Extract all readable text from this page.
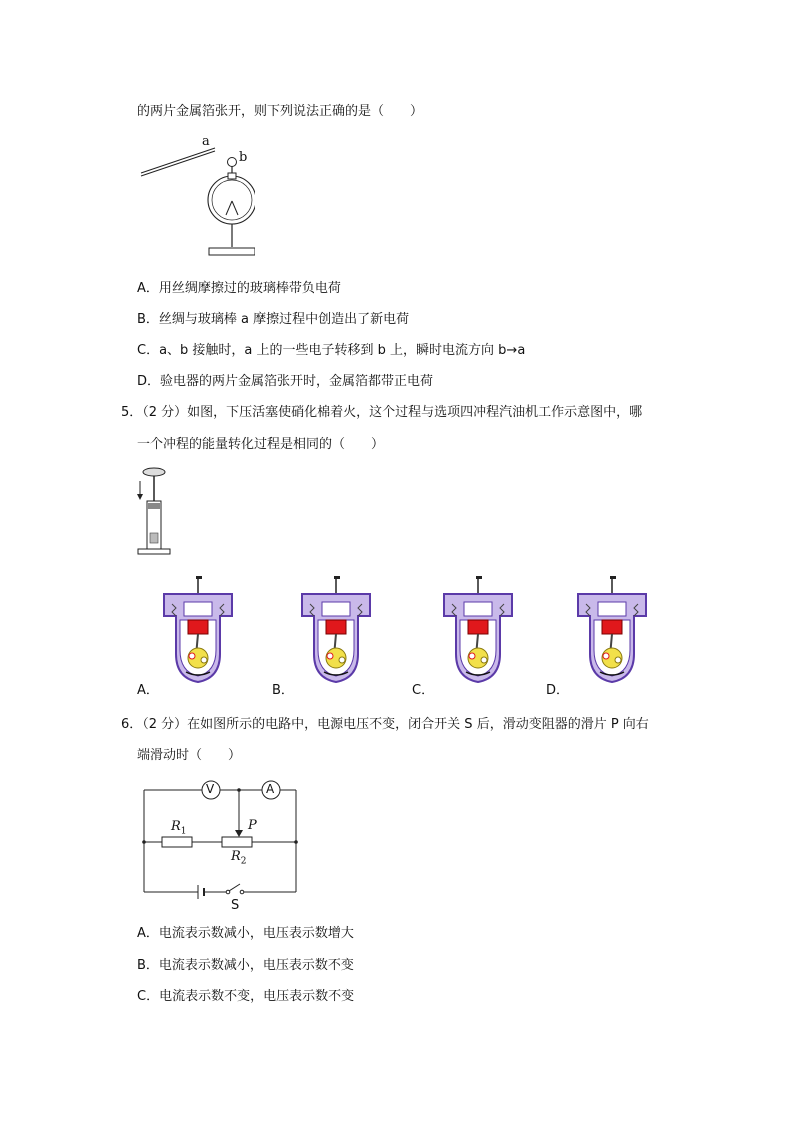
的两片金属箔张开，则下列说法正确的是（　　）
a
b
A．用丝绸摩擦过的玻璃棒带负电荷
B．丝绸与玻璃棒 a 摩擦过程中创造出了新电荷
C．a、b 接触时，a 上的一些电子转移到 b 上，瞬时电流方向 b→a
D．验电器的两片金属箔张开时，金属箔都带正电荷
5．（2 分）如图，下压活塞使硝化棉着火，这个过程与选项四冲程汽油机工作示意图中，哪
一个冲程的能量转化过程是相同的（　　）
A．	B．	C．	D．
6．（2 分）在如图所示的电路中，电源电压不变，闭合开关 S 后，滑动变阻器的滑片 P 向右
端滑动时（　　）
V	A
$R_1$	P
$R_2$
S
A．电流表示数减小，电压表示数增大
B．电流表示数减小，电压表示数不变
C．电流表示数不变，电压表示数不变
